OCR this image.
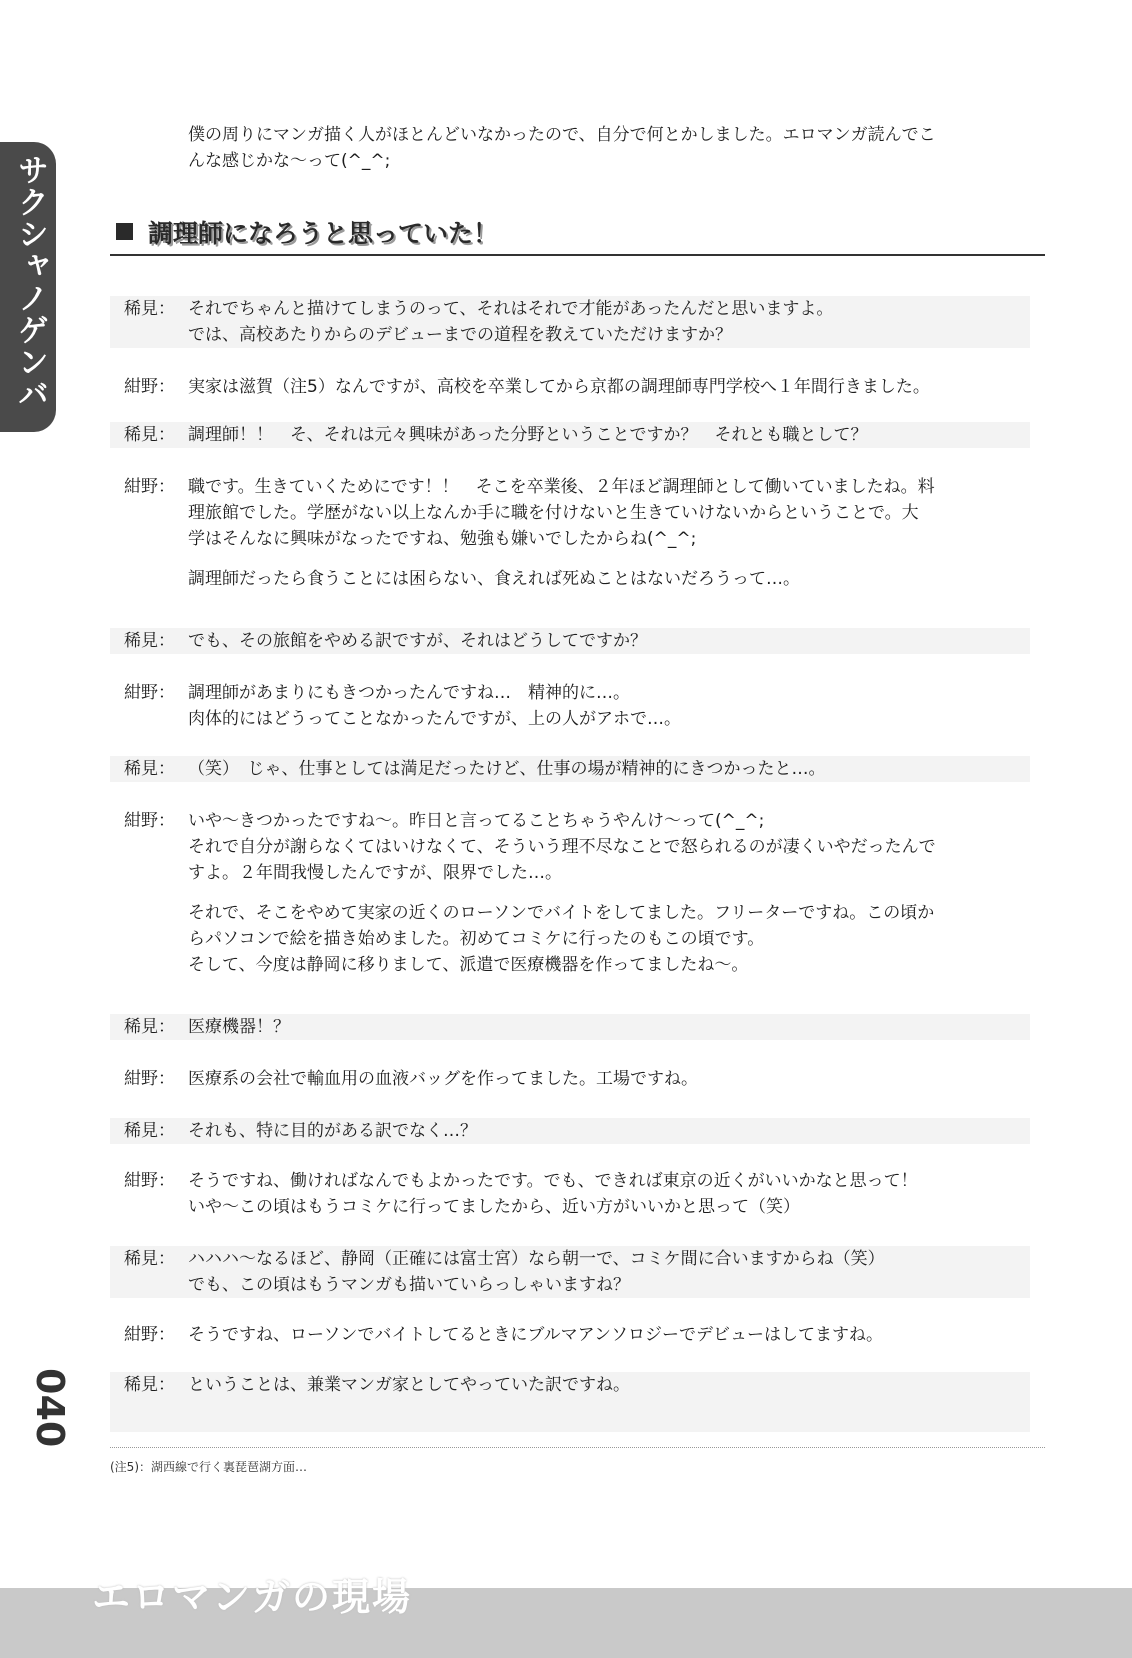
サクシャノゲンバ
僕の周りにマンガ描く人がほとんどいなかったので、自分で何とかしました。エロマンガ読んでこ
んな感じかな～って(^_^;
調理師になろうと思っていた！
稀見： それでちゃんと描けてしまうのって、それはそれで才能があったんだと思いますよ。
では、高校あたりからのデビューまでの道程を教えていただけますか？
紺野： 実家は滋賀（注5）なんですが、高校を卒業してから京都の調理師専門学校へ１年間行きました。
稀見： 調理師！！　そ、それは元々興味があった分野ということですか？　それとも職として？
紺野： 職です。生きていくためにです！！　そこを卒業後、２年ほど調理師として働いていましたね。料
理旅館でした。学歴がない以上なんか手に職を付けないと生きていけないからということで。大
学はそんなに興味がなったですね、勉強も嫌いでしたからね(^_^;
調理師だったら食うことには困らない、食えれば死ぬことはないだろうって…。
稀見： でも、その旅館をやめる訳ですが、それはどうしてですか？
紺野： 調理師があまりにもきつかったんですね…　精神的に…。
肉体的にはどうってことなかったんですが、上の人がアホで…。
稀見： （笑）　じゃ、仕事としては満足だったけど、仕事の場が精神的にきつかったと…。
紺野： いや～きつかったですね～。昨日と言ってることちゃうやんけ～って(^_^;
それで自分が謝らなくてはいけなくて、そういう理不尽なことで怒られるのが凄くいやだったんで
すよ。２年間我慢したんですが、限界でした…。
それで、そこをやめて実家の近くのローソンでバイトをしてました。フリーターですね。この頃か
らパソコンで絵を描き始めました。初めてコミケに行ったのもこの頃です。
そして、今度は静岡に移りまして、派遣で医療機器を作ってましたね～。
稀見： 医療機器！？
紺野： 医療系の会社で輸血用の血液バッグを作ってました。工場ですね。
稀見： それも、特に目的がある訳でなく…？
紺野： そうですね、働ければなんでもよかったです。でも、できれば東京の近くがいいかなと思って！
いや～この頃はもうコミケに行ってましたから、近い方がいいかと思って（笑）
稀見： ハハハ～なるほど、静岡（正確には富士宮）なら朝一で、コミケ間に合いますからね（笑）
でも、この頃はもうマンガも描いていらっしゃいますね？
紺野： そうですね、ローソンでバイトしてるときにブルマアンソロジーでデビューはしてますね。
稀見： ということは、兼業マンガ家としてやっていた訳ですね。
040
(注5)：湖西線で行く裏琵琶湖方面…
エロマンガの現場
